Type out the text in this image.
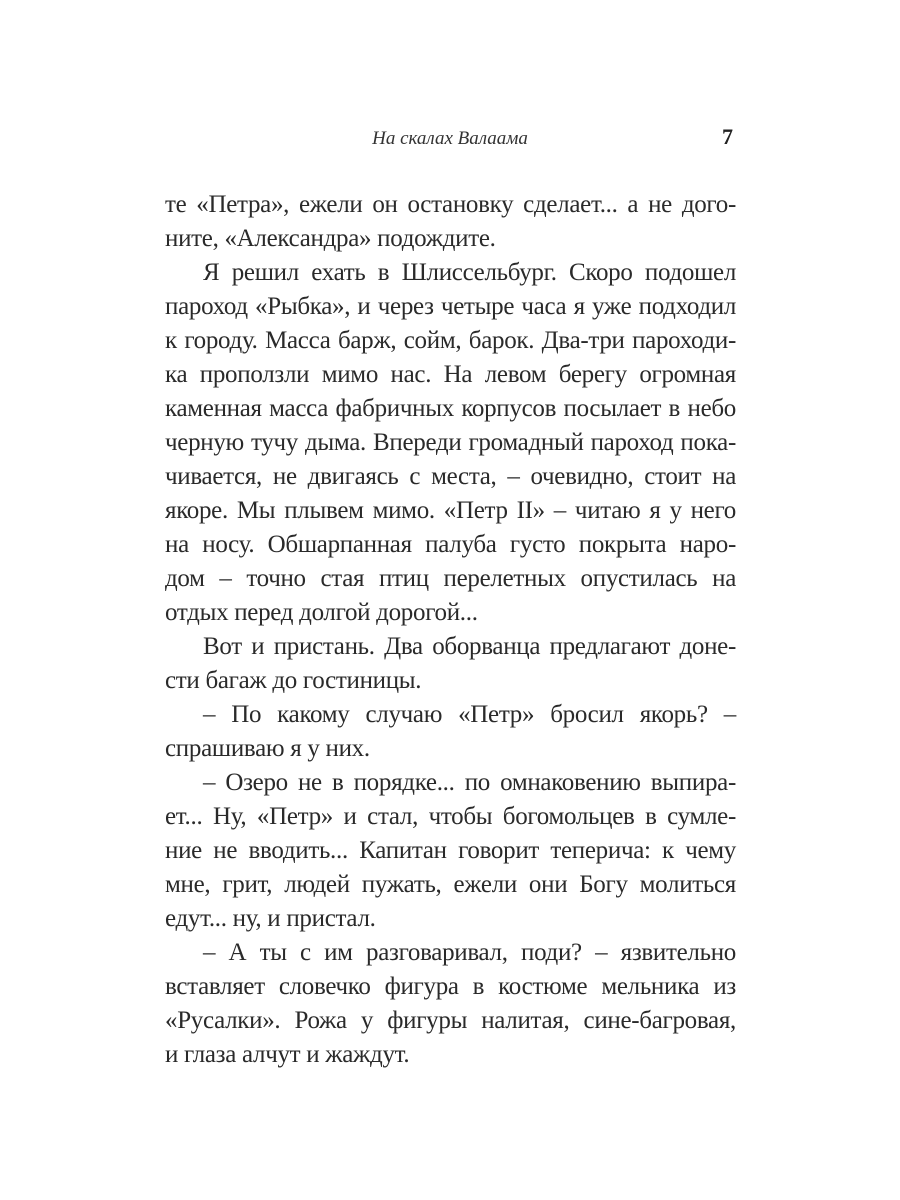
На скалах Валаама	7
те «Петра», ежели он остановку сделает... а не дого-
ните, «Александра» подождите.
Я решил ехать в Шлиссельбург. Скоро подошел
пароход «Рыбка», и через четыре часа я уже подходил
к городу. Масса барж, сойм, барок. Два-три пароходи-
ка проползли мимо нас. На левом берегу огромная
каменная масса фабричных корпусов посылает в небо
черную тучу дыма. Впереди громадный пароход пока-
чивается, не двигаясь с места, – очевидно, стоит на
якоре. Мы плывем мимо. «Петр II» – читаю я у него
на носу. Обшарпанная палуба густо покрыта наро-
дом – точно стая птиц перелетных опустилась на
отдых перед долгой дорогой...
Вот и пристань. Два оборванца предлагают доне-
сти багаж до гостиницы.
– По какому случаю «Петр» бросил якорь? –
спрашиваю я у них.
– Озеро не в порядке... по омнаковению выпира-
ет... Ну, «Петр» и стал, чтобы богомольцев в сумле-
ние не вводить... Капитан говорит теперича: к чему
мне, грит, людей пужать, ежели они Богу молиться
едут... ну, и пристал.
– А ты с им разговаривал, поди? – язвительно
вставляет словечко фигура в костюме мельника из
«Русалки». Рожа у фигуры налитая, сине-багровая,
и глаза алчут и жаждут.
